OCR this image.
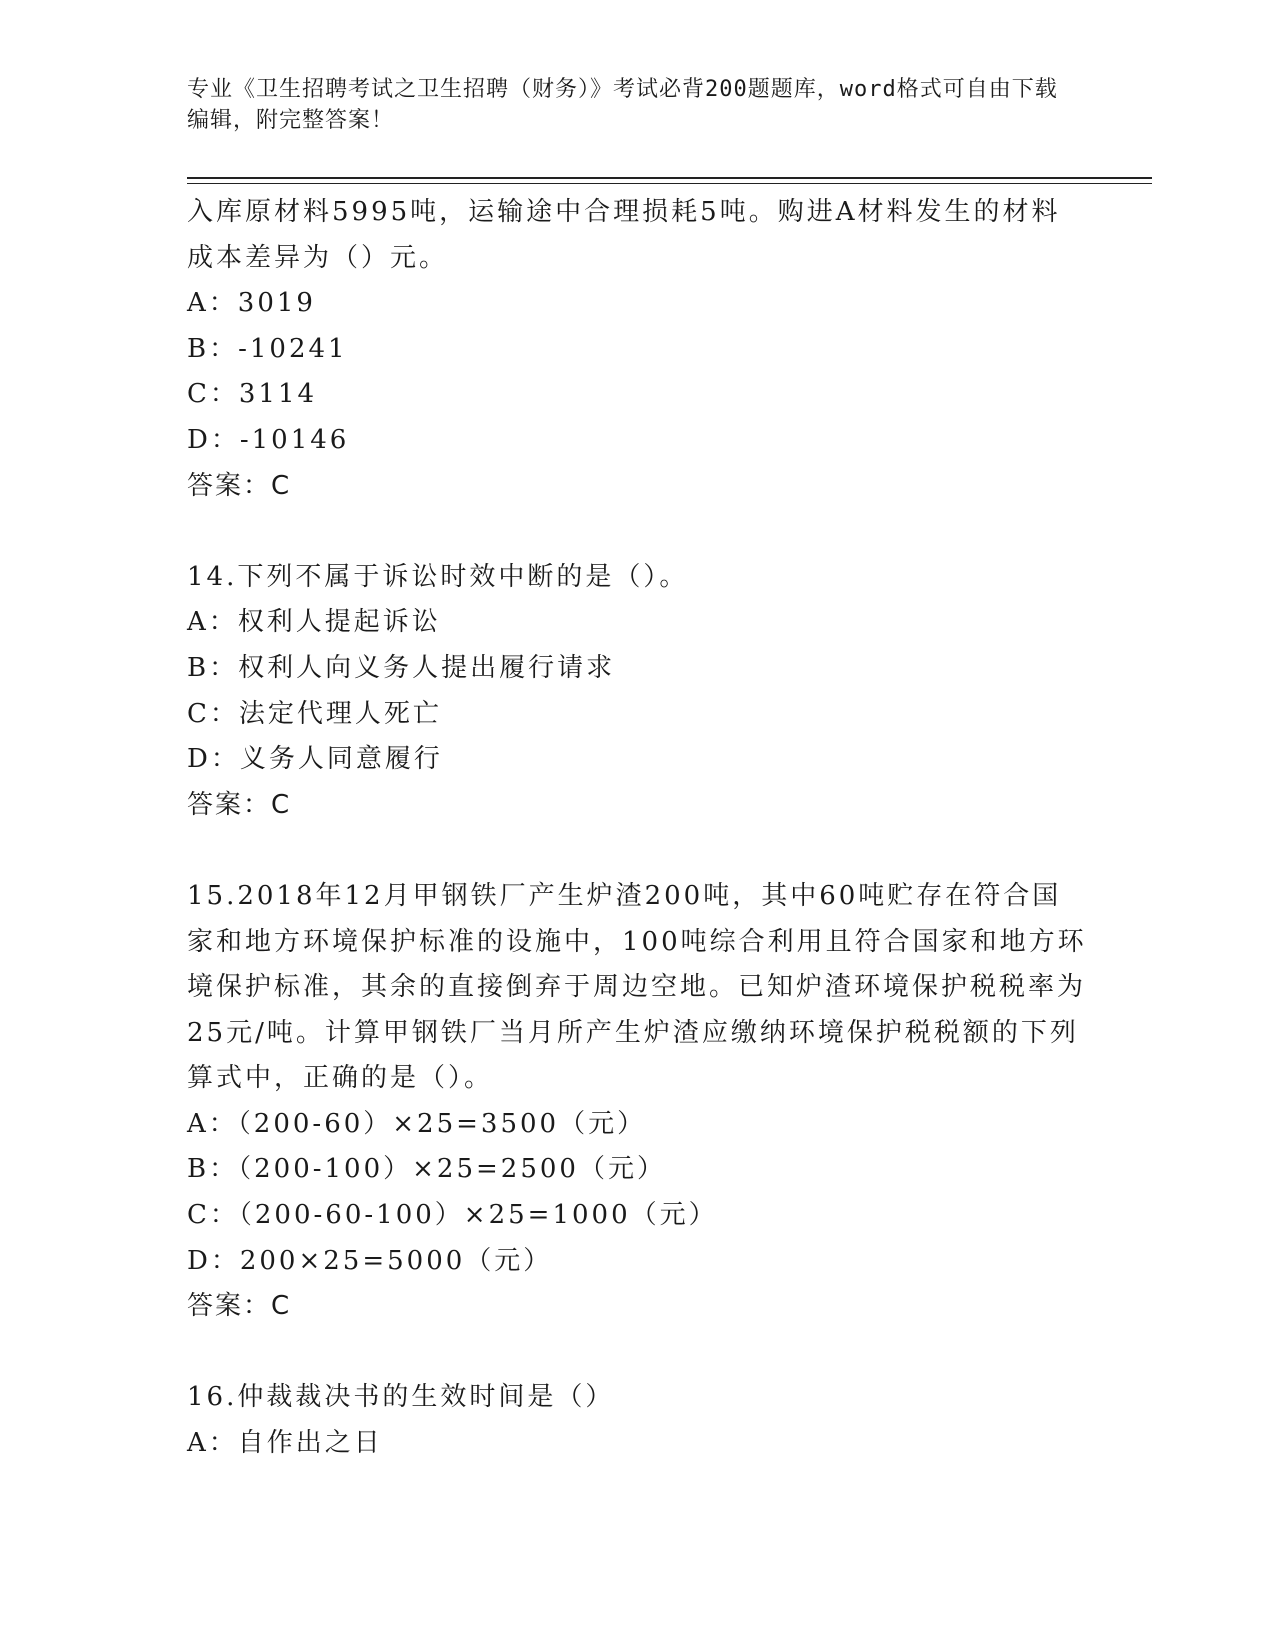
专业《卫生招聘考试之卫生招聘（财务）》考试必背200题题库，word格式可自由下载编辑，附完整答案！

入库原材料5995吨，运输途中合理损耗5吨。购进A材料发生的材料成本差异为（）元。

A：3019

B：-10241

C：3114

D：-10146

答案：C

14.下列不属于诉讼时效中断的是（）。

A：权利人提起诉讼

B：权利人向义务人提出履行请求

C：法定代理人死亡

D：义务人同意履行

答案：C

15.2018年12月甲钢铁厂产生炉渣200吨，其中60吨贮存在符合国家和地方环境保护标准的设施中，100吨综合利用且符合国家和地方环境保护标准，其余的直接倒弃于周边空地。已知炉渣环境保护税税率为25元/吨。计算甲钢铁厂当月所产生炉渣应缴纳环境保护税税额的下列算式中，正确的是（）。

A：（200-60）×25=3500（元）

B：（200-100）×25=2500（元）

C：（200-60-100）×25=1000（元）

D：200×25=5000（元）

答案：C

16.仲裁裁决书的生效时间是（）

A：自作出之日
